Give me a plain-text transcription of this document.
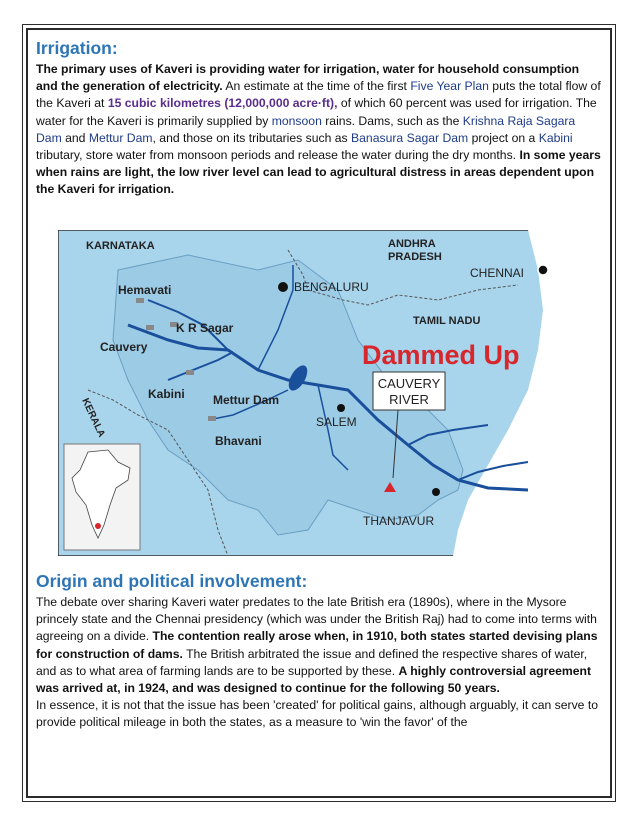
Irrigation:

The primary uses of Kaveri is providing water for irrigation, water for household consumption and the generation of electricity. An estimate at the time of the first Five Year Plan puts the total flow of the Kaveri at 15 cubic kilometres (12,000,000 acre·ft), of which 60 percent was used for irrigation. The water for the Kaveri is primarily supplied by monsoon rains. Dams, such as the Krishna Raja Sagara Dam and Mettur Dam, and those on its tributaries such as Banasura Sagar Dam project on a Kabini tributary, store water from monsoon periods and release the water during the dry months. In some years when rains are light, the low river level can lead to agricultural distress in areas dependent upon the Kaveri for irrigation.

KARNATAKA	ANDHRA
PRADESH
TAMIL NADU
KERALA
BENGALURU
CHENNAI
SALEM
THANJAVUR
Hemavati
K R Sagar
Cauvery
Kabini Mettur Dam
Bhavani
Dammed Up
CAUVERY
RIVER
Origin and political involvement:

The debate over sharing Kaveri water predates to the late British era (1890s), where in the Mysore princely state and the Chennai presidency (which was under the British Raj) had to come into terms with agreeing on a divide. The contention really arose when, in 1910, both states started devising plans for construction of dams. The British arbitrated the issue and defined the respective shares of water, and as to what area of farming lands are to be supported by these. A highly controversial agreement was arrived at, in 1924, and was designed to continue for the following 50 years.

In essence, it is not that the issue has been 'created' for political gains, although arguably, it can serve to provide political mileage in both the states, as a measure to 'win the favor' of the
